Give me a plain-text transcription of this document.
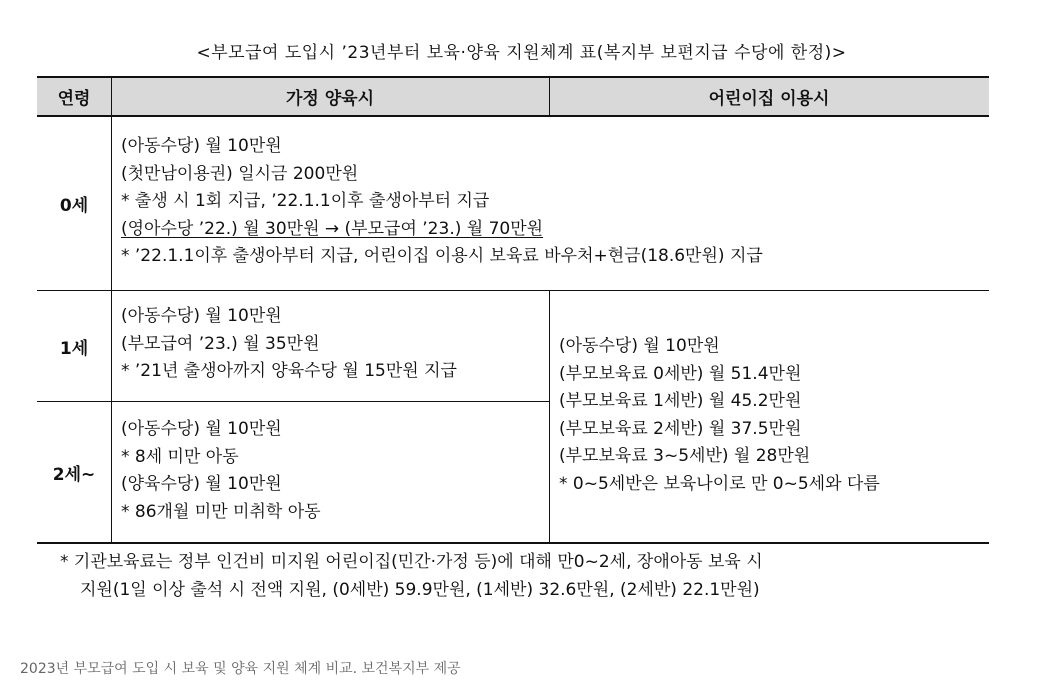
<부모급여 도입시 ’23년부터 보육·양육 지원체계 표(복지부 보편지급 수당에 한정)>
연령	가정 양육시	어린이집 이용시
0세
1세
2세~
(아동수당) 월 10만원
(첫만남이용권) 일시금 200만원
* 출생 시 1회 지급, ’22.1.1이후 출생아부터 지급
(영아수당 ’22.) 월 30만원 → (부모급여 ’23.) 월 70만원
* ’22.1.1이후 출생아부터 지급, 어린이집 이용시 보육료 바우처+현금(18.6만원) 지급
(아동수당) 월 10만원
(부모급여 ’23.) 월 35만원
* ’21년 출생아까지 양육수당 월 15만원 지급
(아동수당) 월 10만원
* 8세 미만 아동
(양육수당) 월 10만원
* 86개월 미만 미취학 아동
(아동수당) 월 10만원
(부모보육료 0세반) 월 51.4만원
(부모보육료 1세반) 월 45.2만원
(부모보육료 2세반) 월 37.5만원
(부모보육료 3~5세반) 월 28만원
* 0~5세반은 보육나이로 만 0~5세와 다름
* 기관보육료는 정부 인건비 미지원 어린이집(민간·가정 등)에 대해 만0~2세, 장애아동 보육 시
지원(1일 이상 출석 시 전액 지원, (0세반) 59.9만원, (1세반) 32.6만원, (2세반) 22.1만원)
2023년 부모급여 도입 시 보육 및 양육 지원 체계 비교. 보건복지부 제공
